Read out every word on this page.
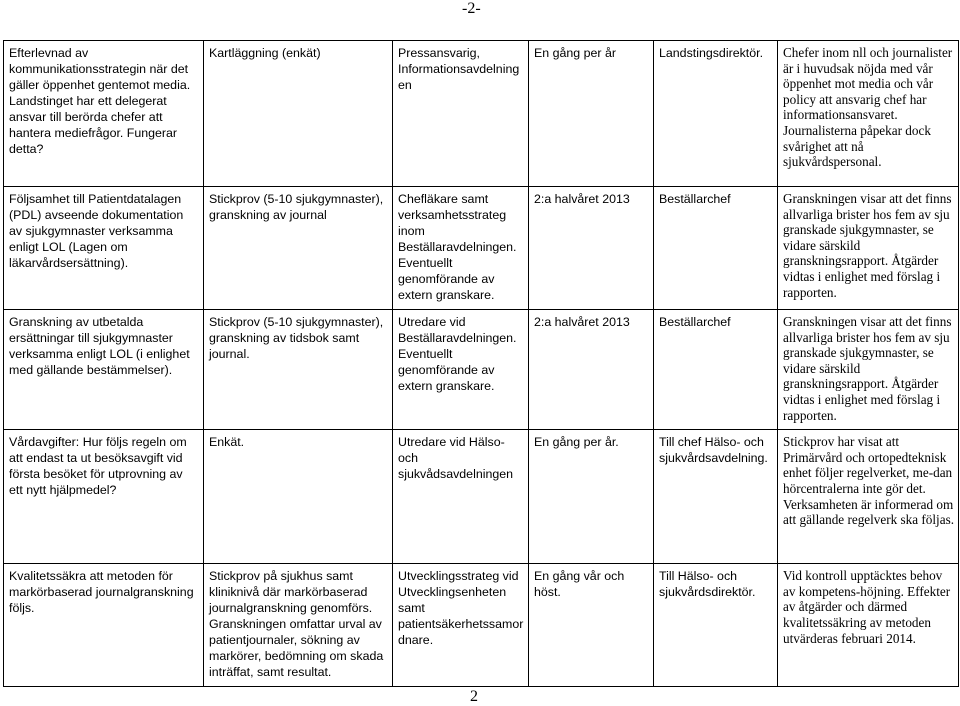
-2-
Efterlevnad av kommunikationsstrategin när det gäller öppenhet gentemot media. Landstinget har ett delegerat ansvar till berörda chefer att hantera mediefrågor. Fungerar detta?	Kartläggning (enkät)	Pressansvarig, Informationsavdelningen	En gång per år	Landstingsdirektör.	Chefer inom nll och journalister är i huvudsak nöjda med vår öppenhet mot media och vår policy att ansvarig chef har informationsansvaret. Journalisterna påpekar dock svårighet att nå sjukvårdspersonal.
Följsamhet till Patientdatalagen (PDL) avseende dokumentation av sjukgymnaster verksamma enligt LOL (Lagen om läkarvårdsersättning).	Stickprov (5-10 sjukgymnaster), granskning av journal	Chefläkare samt verksamhetsstrateg inom Beställaravdelningen. Eventuellt genomförande av extern granskare.	2:a halvåret 2013	Beställarchef	Granskningen visar att det finns allvarliga brister hos fem av sju granskade sjukgymnaster, se vidare särskild granskningsrapport. Åtgärder vidtas i enlighet med förslag i rapporten.
Granskning av utbetalda ersättningar till sjukgymnaster verksamma enligt LOL (i enlighet med gällande bestämmelser).	Stickprov (5-10 sjukgymnaster), granskning av tidsbok samt journal.	Utredare vid Beställaravdelningen. Eventuellt genomförande av extern granskare.	2:a halvåret 2013	Beställarchef	Granskningen visar att det finns allvarliga brister hos fem av sju granskade sjukgymnaster, se vidare särskild granskningsrapport. Åtgärder vidtas i enlighet med förslag i rapporten.
Vårdavgifter: Hur följs regeln om att endast ta ut besöksavgift vid första besöket för utprovning av ett nytt hjälpmedel?	Enkät.	Utredare vid Hälso- och sjukvådsavdelningen	En gång per år.	Till chef Hälso- och sjukvårdsavdelning.	Stickprov har visat att Primärvård och ortopedteknisk enhet följer regelverket, me-dan hörcentralerna inte gör det. Verksamheten är informerad om att gällande regelverk ska följas.
Kvalitetssäkra att metoden för markörbaserad journalgranskning följs.	Stickprov på sjukhus samt kliniknivå där markörbaserad journalgranskning genomförs. Granskningen omfattar urval av patientjournaler, sökning av markörer, bedömning om skada inträffat, samt resultat.	Utvecklingsstrateg vid Utvecklingsenheten samt patientsäkerhetssamordnare.	En gång vår och höst.	Till Hälso- och sjukvårdsdirektör.	Vid kontroll upptäcktes behov av kompetens-höjning. Effekter av åtgärder och därmed kvalitetssäkring av metoden utvärderas februari 2014.
2
